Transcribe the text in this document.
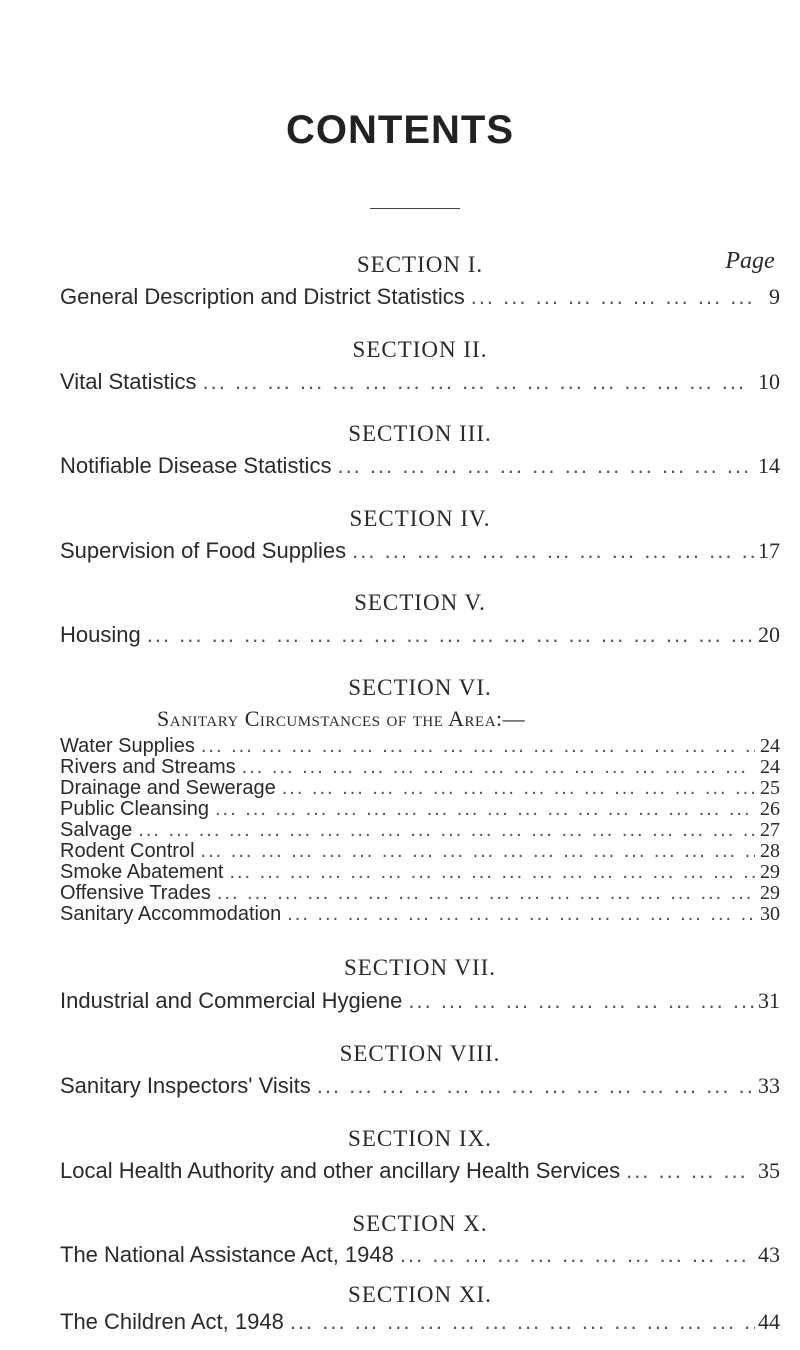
CONTENTS
Page
SECTION I.
General Description and District Statistics ... .	9
SECTION II.
Vital Statistics ... .	10
SECTION III.
Notifiable Disease Statistics ... .	14
SECTION IV.
Supervision of Food Supplies ... .	17
SECTION V.
Housing ... .	20
SECTION VI.
Sanitary Circumstances of the Area:—
Water Supplies ... .	24
Rivers and Streams ... .	24
Drainage and Sewerage ... .	25
Public Cleansing ... .	26
Salvage ... .	27
Rodent Control ... .	28
Smoke Abatement ... .	29
Offensive Trades ... .	29
Sanitary Accommodation ... .	30
SECTION VII.
Industrial and Commercial Hygiene ... .	31
SECTION VIII.
Sanitary Inspectors' Visits ... .	33
SECTION IX.
Local Health Authority and other ancillary Health Services ... .	35
SECTION X.
The National Assistance Act, 1948 ... .	43
SECTION XI.
The Children Act, 1948 ... .	44
